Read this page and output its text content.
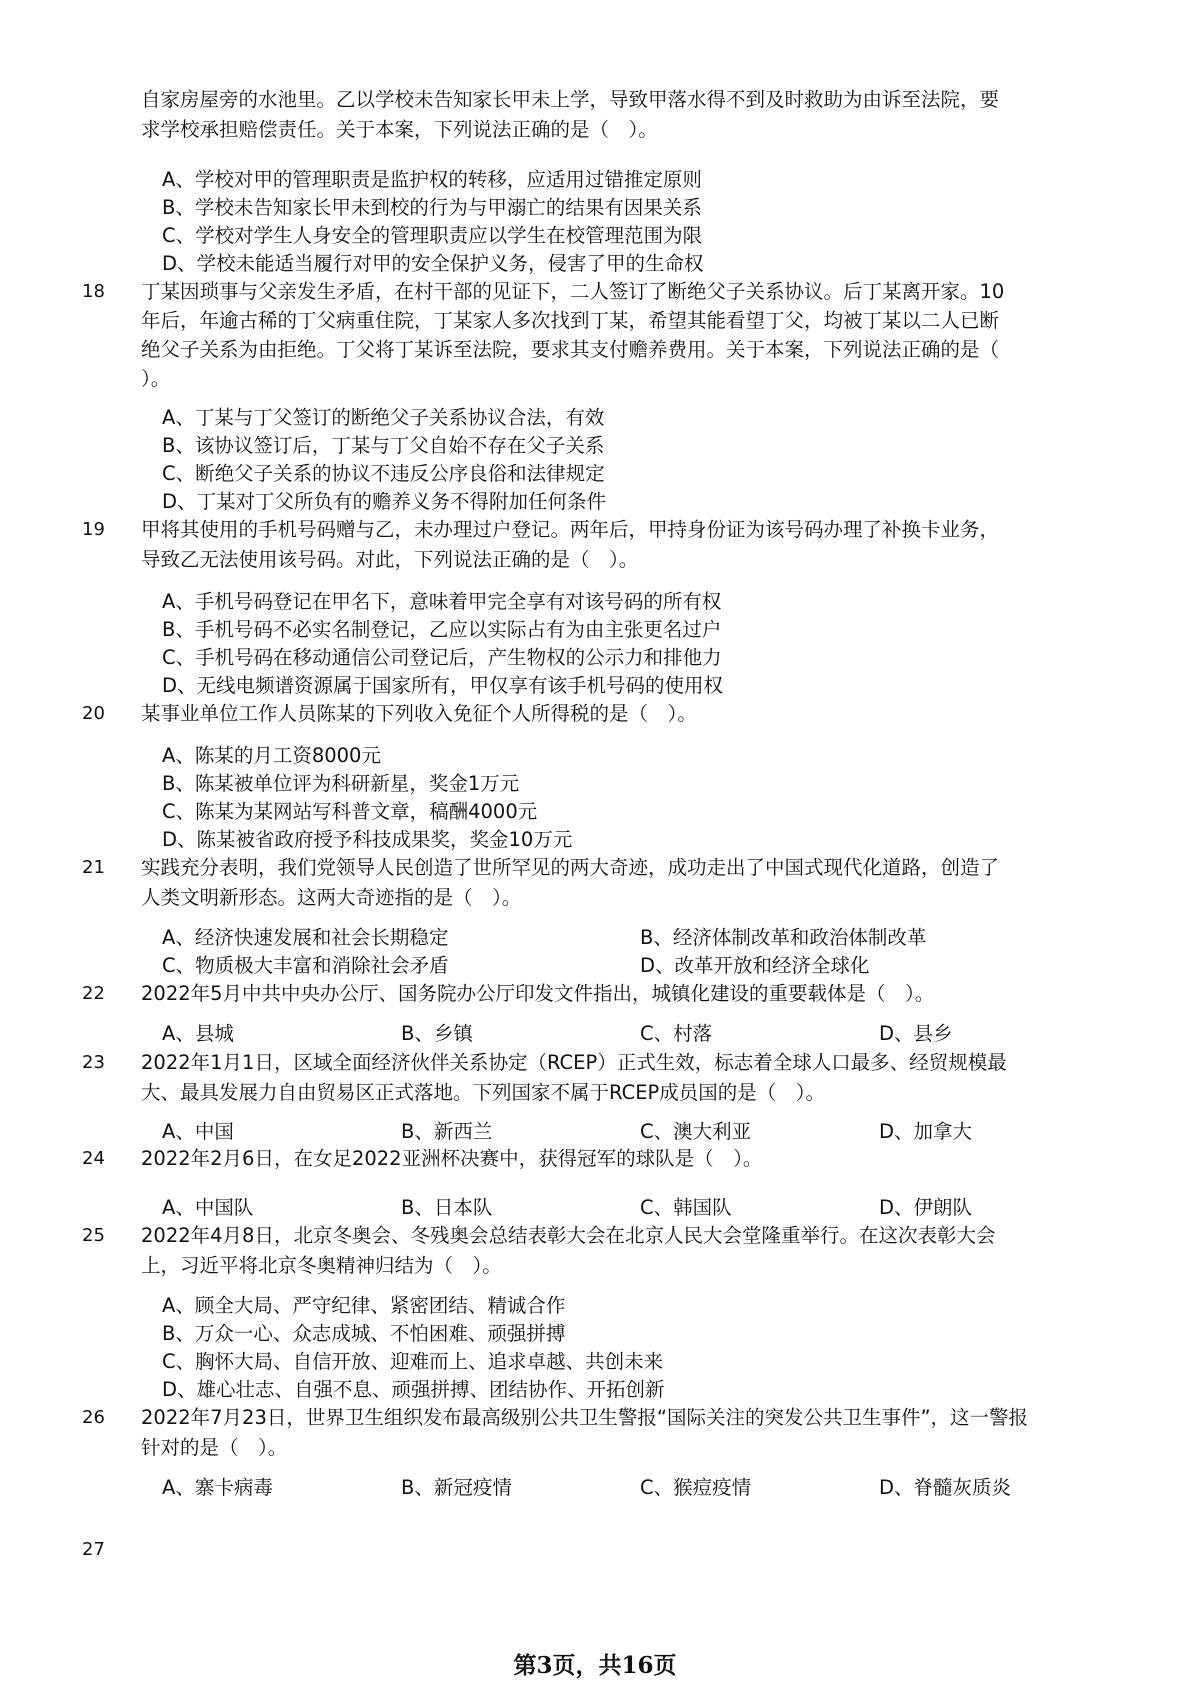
自家房屋旁的水池里。乙以学校未告知家长甲未上学，导致甲落水得不到及时救助为由诉至法院，要
求学校承担赔偿责任。关于本案，下列说法正确的是（　）。
A、学校对甲的管理职责是监护权的转移，应适用过错推定原则
B、学校未告知家长甲未到校的行为与甲溺亡的结果有因果关系
C、学校对学生人身安全的管理职责应以学生在校管理范围为限
D、学校未能适当履行对甲的安全保护义务，侵害了甲的生命权
18 丁某因琐事与父亲发生矛盾，在村干部的见证下，二人签订了断绝父子关系协议。后丁某离开家。10
年后，年逾古稀的丁父病重住院，丁某家人多次找到丁某，希望其能看望丁父，均被丁某以二人已断
绝父子关系为由拒绝。丁父将丁某诉至法院，要求其支付赡养费用。关于本案，下列说法正确的是（
）。
A、丁某与丁父签订的断绝父子关系协议合法，有效
B、该协议签订后，丁某与丁父自始不存在父子关系
C、断绝父子关系的协议不违反公序良俗和法律规定
D、丁某对丁父所负有的赡养义务不得附加任何条件
19 甲将其使用的手机号码赠与乙，未办理过户登记。两年后，甲持身份证为该号码办理了补换卡业务，
导致乙无法使用该号码。对此，下列说法正确的是（　）。
A、手机号码登记在甲名下，意味着甲完全享有对该号码的所有权
B、手机号码不必实名制登记，乙应以实际占有为由主张更名过户
C、手机号码在移动通信公司登记后，产生物权的公示力和排他力
D、无线电频谱资源属于国家所有，甲仅享有该手机号码的使用权
20 某事业单位工作人员陈某的下列收入免征个人所得税的是（　）。
A、陈某的月工资8000元
B、陈某被单位评为科研新星，奖金1万元
C、陈某为某网站写科普文章，稿酬4000元
D、陈某被省政府授予科技成果奖，奖金10万元
21 实践充分表明，我们党领导人民创造了世所罕见的两大奇迹，成功走出了中国式现代化道路，创造了
人类文明新形态。这两大奇迹指的是（　）。
A、经济快速发展和社会长期稳定	B、经济体制改革和政治体制改革
C、物质极大丰富和消除社会矛盾	D、改革开放和经济全球化
22 2022年5月中共中央办公厅、国务院办公厅印发文件指出，城镇化建设的重要载体是（　）。
A、县城	B、乡镇	C、村落	D、县乡
23 2022年1月1日，区域全面经济伙伴关系协定（RCEP）正式生效，标志着全球人口最多、经贸规模最
大、最具发展力自由贸易区正式落地。下列国家不属于RCEP成员国的是（　）。
A、中国	B、新西兰	C、澳大利亚	D、加拿大
24 2022年2月6日，在女足2022亚洲杯决赛中，获得冠军的球队是（　）。
A、中国队	B、日本队	C、韩国队	D、伊朗队
25 2022年4月8日，北京冬奥会、冬残奥会总结表彰大会在北京人民大会堂隆重举行。在这次表彰大会
上，习近平将北京冬奥精神归结为（　）。
A、顾全大局、严守纪律、紧密团结、精诚合作
B、万众一心、众志成城、不怕困难、顽强拼搏
C、胸怀大局、自信开放、迎难而上、追求卓越、共创未来
D、雄心壮志、自强不息、顽强拼搏、团结协作、开拓创新
26 2022年7月23日，世界卫生组织发布最高级别公共卫生警报“国际关注的突发公共卫生事件”，这一警报
针对的是（　）。
A、寨卡病毒	B、新冠疫情	C、猴痘疫情	D、脊髓灰质炎
27
第3页，共16页
